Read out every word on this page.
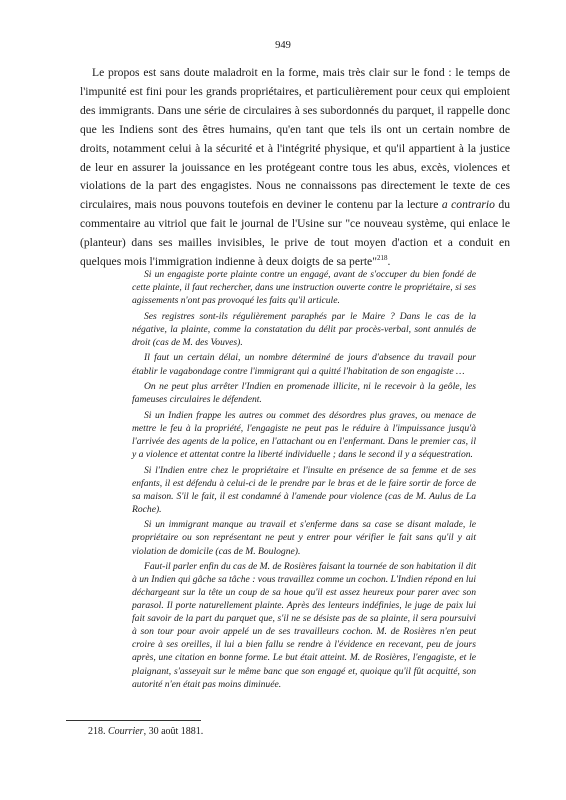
949

Le propos est sans doute maladroit en la forme, mais très clair sur le fond : le temps de l'impunité est fini pour les grands propriétaires, et particulièrement pour ceux qui emploient des immigrants. Dans une série de circulaires à ses subordonnés du parquet, il rappelle donc que les Indiens sont des êtres humains, qu'en tant que tels ils ont un certain nombre de droits, notamment celui à la sécurité et à l'intégrité physique, et qu'il appartient à la justice de leur en assurer la jouissance en les protégeant contre tous les abus, excès, violences et violations de la part des engagistes. Nous ne connaissons pas directement le texte de ces circulaires, mais nous pouvons toutefois en deviner le contenu par la lecture a contrario du commentaire au vitriol que fait le journal de l'Usine sur "ce nouveau système, qui enlace le (planteur) dans ses mailles invisibles, le prive de tout moyen d'action et a conduit en quelques mois l'immigration indienne à deux doigts de sa perte"$^{218}$.

Si un engagiste porte plainte contre un engagé, avant de s'occuper du bien fondé de cette plainte, il faut rechercher, dans une instruction ouverte contre le propriétaire, si ses agissements n'ont pas provoqué les faits qu'il articule.

Ses registres sont-ils régulièrement paraphés par le Maire ? Dans le cas de la négative, la plainte, comme la constatation du délit par procès-verbal, sont annulés de droit (cas de M. des Vouves).

Il faut un certain délai, un nombre déterminé de jours d'absence du travail pour établir le vagabondage contre l'immigrant qui a quitté l'habitation de son engagiste …

On ne peut plus arrêter l'Indien en promenade illicite, ni le recevoir à la geôle, les fameuses circulaires le défendent.

Si un Indien frappe les autres ou commet des désordres plus graves, ou menace de mettre le feu à la propriété, l'engagiste ne peut pas le réduire à l'impuissance jusqu'à l'arrivée des agents de la police, en l'attachant ou en l'enfermant. Dans le premier cas, il y a violence et attentat contre la liberté individuelle ; dans le second il y a séquestration.

Si l'Indien entre chez le propriétaire et l'insulte en présence de sa femme et de ses enfants, il est défendu à celui-ci de le prendre par le bras et de le faire sortir de force de sa maison. S'il le fait, il est condamné à l'amende pour violence (cas de M. Aulus de La Roche).

Si un immigrant manque au travail et s'enferme dans sa case se disant malade, le propriétaire ou son représentant ne peut y entrer pour vérifier le fait sans qu'il y ait violation de domicile (cas de M. Boulogne).

Faut-il parler enfin du cas de M. de Rosières faisant la tournée de son habitation il dit à un Indien qui gâche sa tâche : vous travaillez comme un cochon. L'Indien répond en lui déchargeant sur la tête un coup de sa houe qu'il est assez heureux pour parer avec son parasol. Il porte naturellement plainte. Après des lenteurs indéfinies, le juge de paix lui fait savoir de la part du parquet que, s'il ne se désiste pas de sa plainte, il sera poursuivi à son tour pour avoir appelé un de ses travailleurs cochon. M. de Rosières n'en peut croire à ses oreilles, il lui a bien fallu se rendre à l'évidence en recevant, peu de jours après, une citation en bonne forme. Le but était atteint. M. de Rosières, l'engagiste, et le plaignant, s'asseyait sur le même banc que son engagé et, quoique qu'il fût acquitté, son autorité n'en était pas moins diminuée.

218. Courrier, 30 août 1881.
